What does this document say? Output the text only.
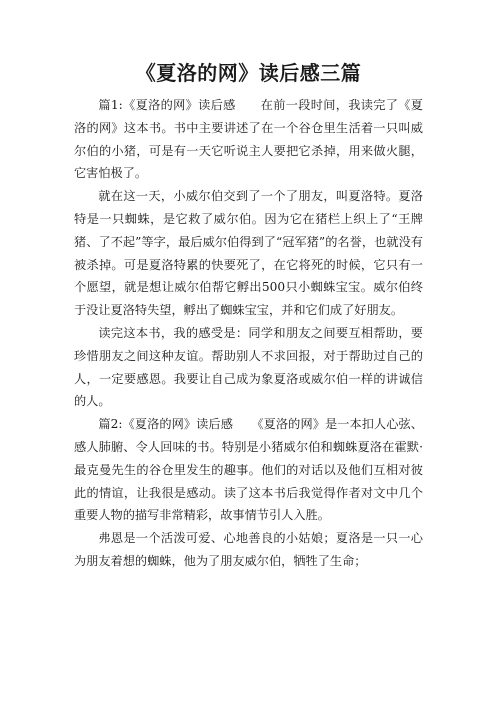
《夏洛的网》读后感三篇

篇1:《夏洛的网》读后感　　在前一段时间，我读完了《夏洛的网》这本书。书中主要讲述了在一个谷仓里生活着一只叫威尔伯的小猪，可是有一天它听说主人要把它杀掉，用来做火腿，它害怕极了。

就在这一天，小威尔伯交到了一个了朋友，叫夏洛特。夏洛特是一只蜘蛛，是它救了威尔伯。因为它在猪栏上织上了“王牌猪、了不起”等字，最后威尔伯得到了“冠军猪”的名誉，也就没有被杀掉。可是夏洛特累的快要死了，在它将死的时候，它只有一个愿望，就是想让威尔伯帮它孵出500只小蜘蛛宝宝。威尔伯终于没让夏洛特失望，孵出了蜘蛛宝宝，并和它们成了好朋友。

读完这本书，我的感受是：同学和朋友之间要互相帮助，要珍惜朋友之间这种友谊。帮助别人不求回报，对于帮助过自己的人，一定要感恩。我要让自己成为象夏洛或威尔伯一样的讲诚信的人。

篇2:《夏洛的网》读后感　　《夏洛的网》是一本扣人心弦、感人肺腑、令人回味的书。特别是小猪威尔伯和蜘蛛夏洛在霍默·最克曼先生的谷仓里发生的趣事。他们的对话以及他们互相对彼此的情谊，让我很是感动。读了这本书后我觉得作者对文中几个重要人物的描写非常精彩，故事情节引人入胜。

弗恩是一个活泼可爱、心地善良的小姑娘；夏洛是一只一心为朋友着想的蜘蛛，他为了朋友威尔伯，牺牲了生命；
